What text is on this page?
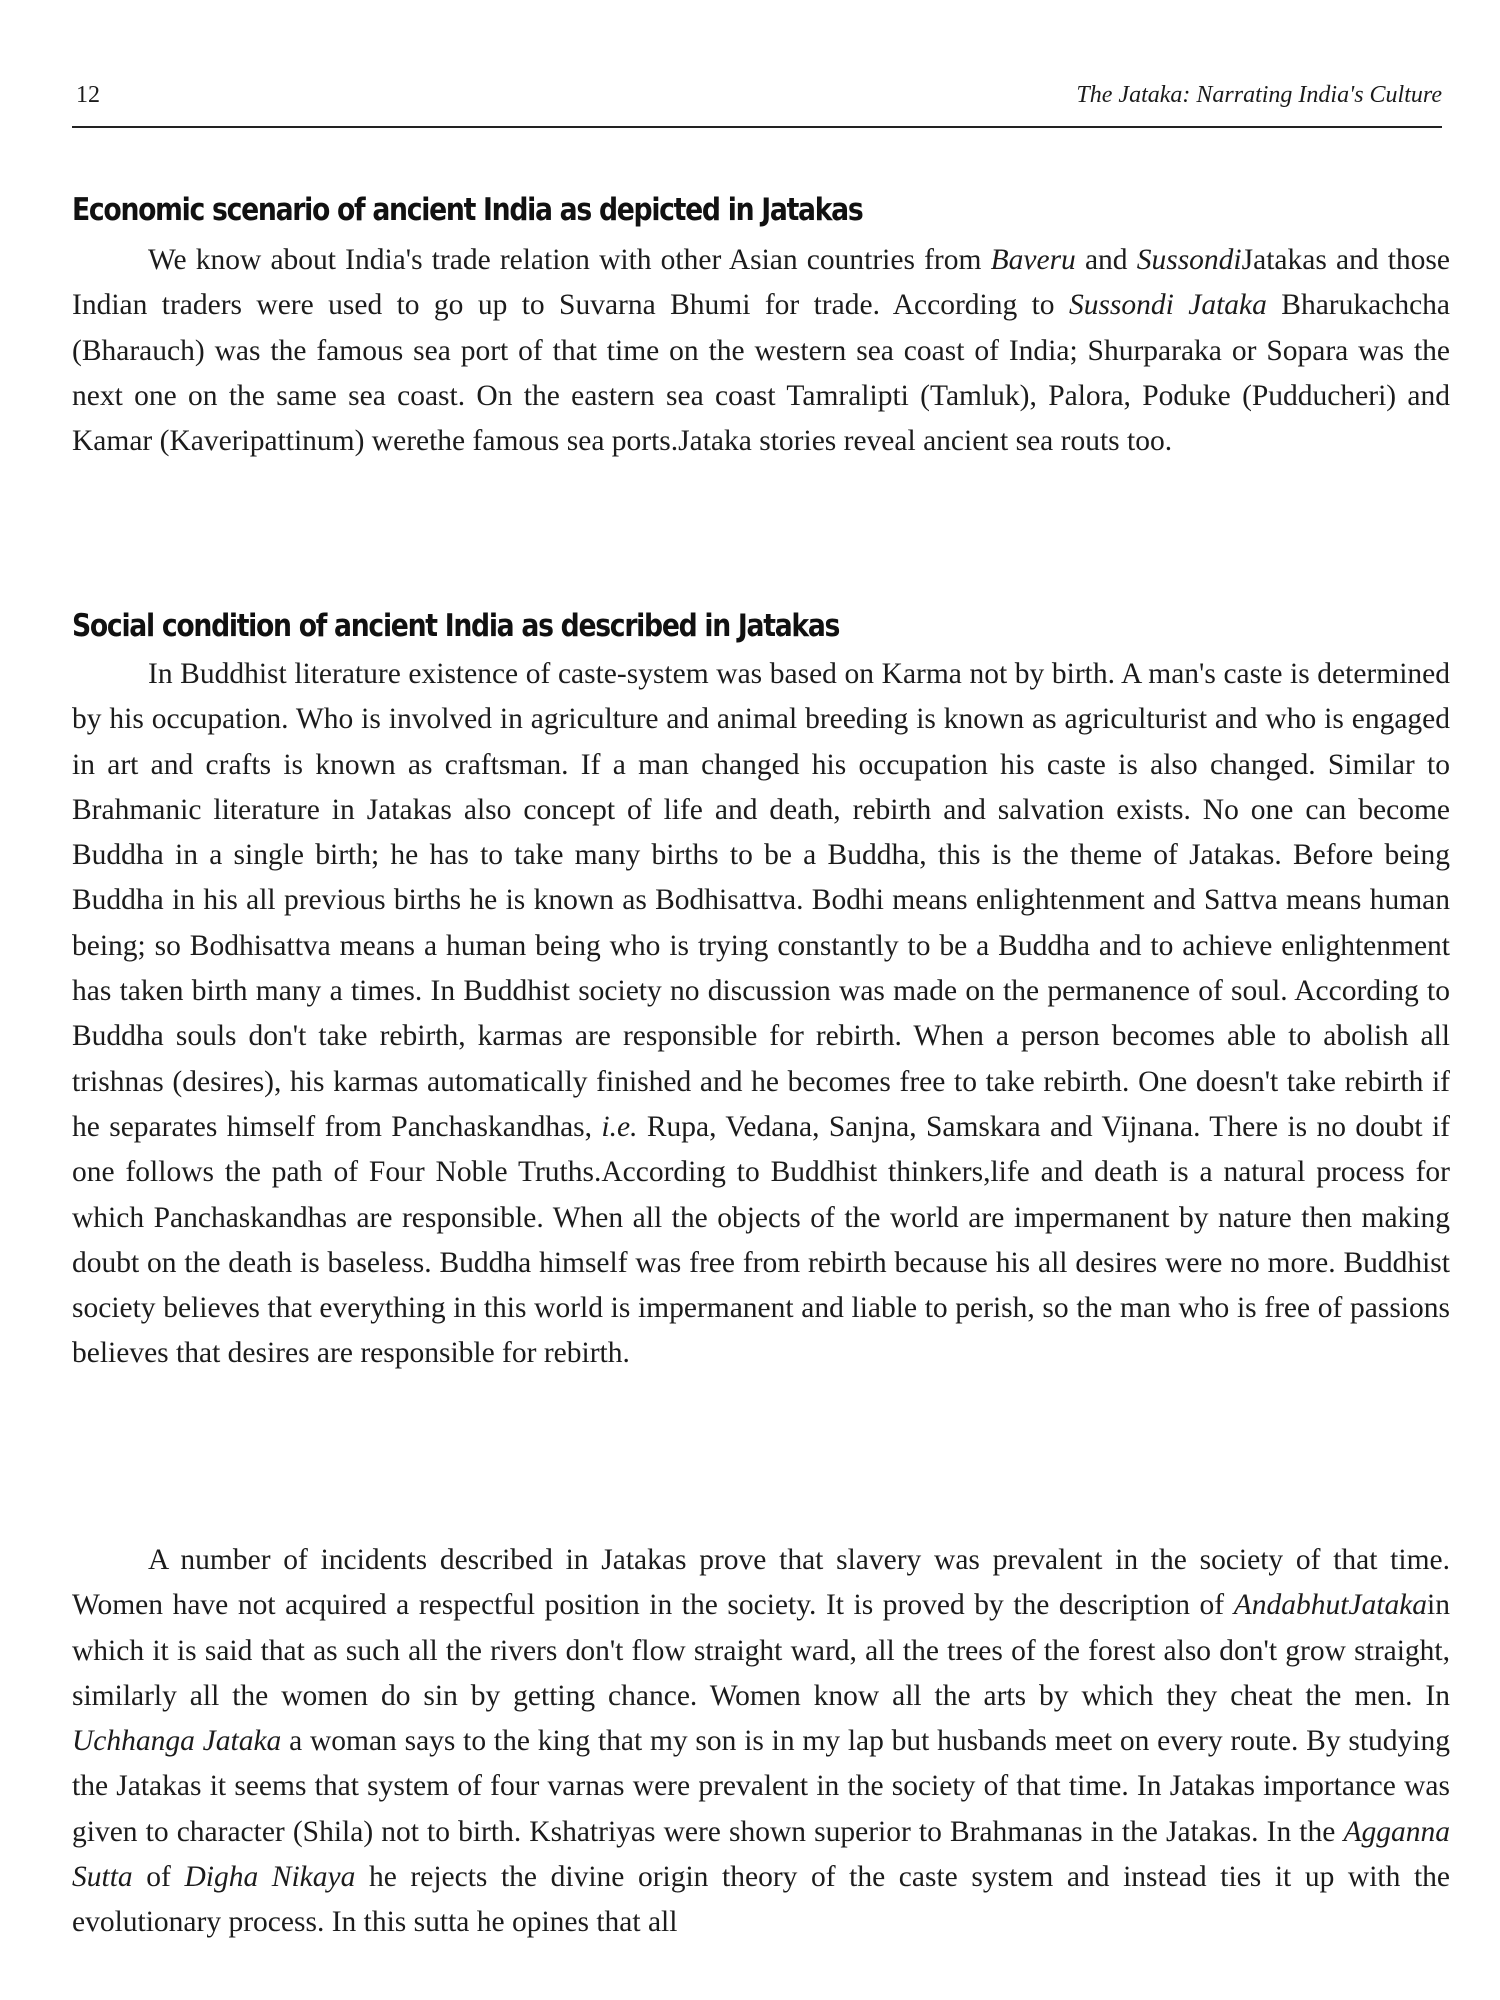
12	The Jataka: Narrating India's Culture
Economic scenario of ancient India as depicted in Jatakas

We know about India's trade relation with other Asian countries from Baveru and SussondiJatakas and those Indian traders were used to go up to Suvarna Bhumi for trade. According to Sussondi Jataka Bharukachcha (Bharauch) was the famous sea port of that time on the western sea coast of India; Shurparaka or Sopara was the next one on the same sea coast. On the eastern sea coast Tamralipti (Tamluk), Palora, Poduke (Pudducheri) and Kamar (Kaveripattinum) werethe famous sea ports.Jataka stories reveal ancient sea routs too.

Social condition of ancient India as described in Jatakas

In Buddhist literature existence of caste-system was based on Karma not by birth. A man's caste is determined by his occupation. Who is involved in agriculture and animal breeding is known as agriculturist and who is engaged in art and crafts is known as craftsman. If a man changed his occupation his caste is also changed. Similar to Brahmanic literature in Jatakas also concept of life and death, rebirth and salvation exists. No one can become Buddha in a single birth; he has to take many births to be a Buddha, this is the theme of Jatakas. Before being Buddha in his all previous births he is known as Bodhisattva. Bodhi means enlightenment and Sattva means human being; so Bodhisattva means a human being who is trying constantly to be a Buddha and to achieve enlightenment has taken birth many a times. In Buddhist society no discussion was made on the permanence of soul. According to Buddha souls don't take rebirth, karmas are responsible for rebirth. When a person becomes able to abolish all trishnas (desires), his karmas automatically finished and he becomes free to take rebirth. One doesn't take rebirth if he separates himself from Panchaskandhas, i.e. Rupa, Vedana, Sanjna, Samskara and Vijnana. There is no doubt if one follows the path of Four Noble Truths.According to Buddhist thinkers,life and death is a natural process for which Panchaskandhas are responsible. When all the objects of the world are impermanent by nature then making doubt on the death is baseless. Buddha himself was free from rebirth because his all desires were no more. Buddhist society believes that everything in this world is impermanent and liable to perish, so the man who is free of passions believes that desires are responsible for rebirth.

A number of incidents described in Jatakas prove that slavery was prevalent in the society of that time. Women have not acquired a respectful position in the society. It is proved by the description of AndabhutJatakain which it is said that as such all the rivers don't flow straight ward, all the trees of the forest also don't grow straight, similarly all the women do sin by getting chance. Women know all the arts by which they cheat the men. In Uchhanga Jataka a woman says to the king that my son is in my lap but husbands meet on every route. By studying the Jatakas it seems that system of four varnas were prevalent in the society of that time. In Jatakas importance was given to character (Shila) not to birth. Kshatriyas were shown superior to Brahmanas in the Jatakas. In the Agganna Sutta of Digha Nikaya he rejects the divine origin theory of the caste system and instead ties it up with the evolutionary process. In this sutta he opines that all
